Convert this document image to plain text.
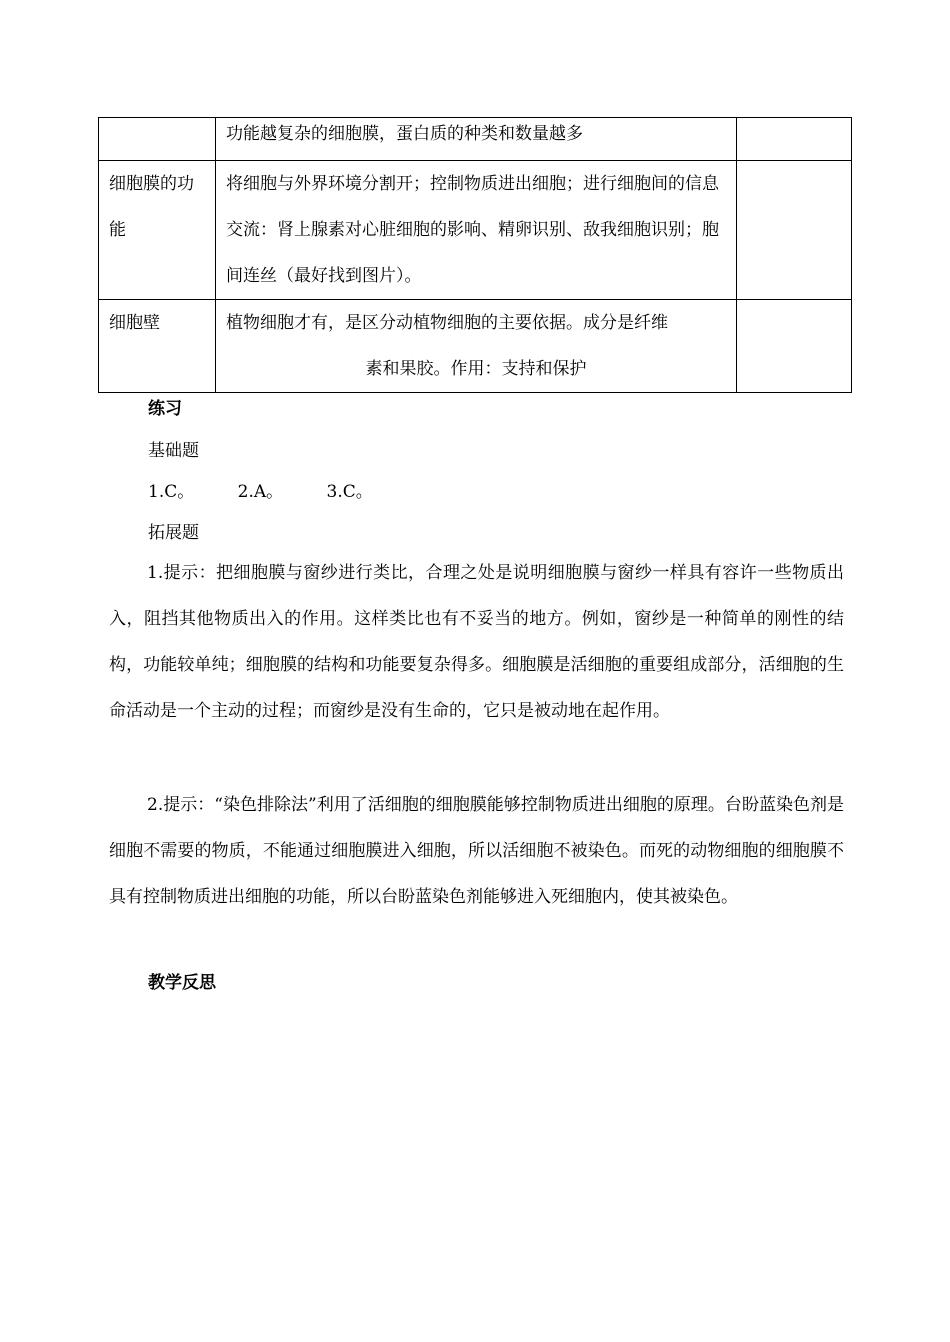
	功能越复杂的细胞膜，蛋白质的种类和数量越多	
细胞膜的功能	将细胞与外界环境分割开；控制物质进出细胞；进行细胞间的信息交流：肾上腺素对心脏细胞的影响、精卵识别、敌我细胞识别；胞间连丝（最好找到图片）。	
细胞壁	植物细胞才有，是区分动植物细胞的主要依据。成分是纤维
素和果胶。作用：支持和保护	

练习
基础题
1.C。	2.A。	3.C。
拓展题
1.提示：把细胞膜与窗纱进行类比，合理之处是说明细胞膜与窗纱一样具有容许一些物质出入，阻挡其他物质出入的作用。这样类比也有不妥当的地方。例如，窗纱是一种简单的刚性的结构，功能较单纯；细胞膜的结构和功能要复杂得多。细胞膜是活细胞的重要组成部分，活细胞的生命活动是一个主动的过程；而窗纱是没有生命的，它只是被动地在起作用。
2.提示：“染色排除法”利用了活细胞的细胞膜能够控制物质进出细胞的原理。台盼蓝染色剂是细胞不需要的物质，不能通过细胞膜进入细胞，所以活细胞不被染色。而死的动物细胞的细胞膜不具有控制物质进出细胞的功能，所以台盼蓝染色剂能够进入死细胞内，使其被染色。
教学反思
